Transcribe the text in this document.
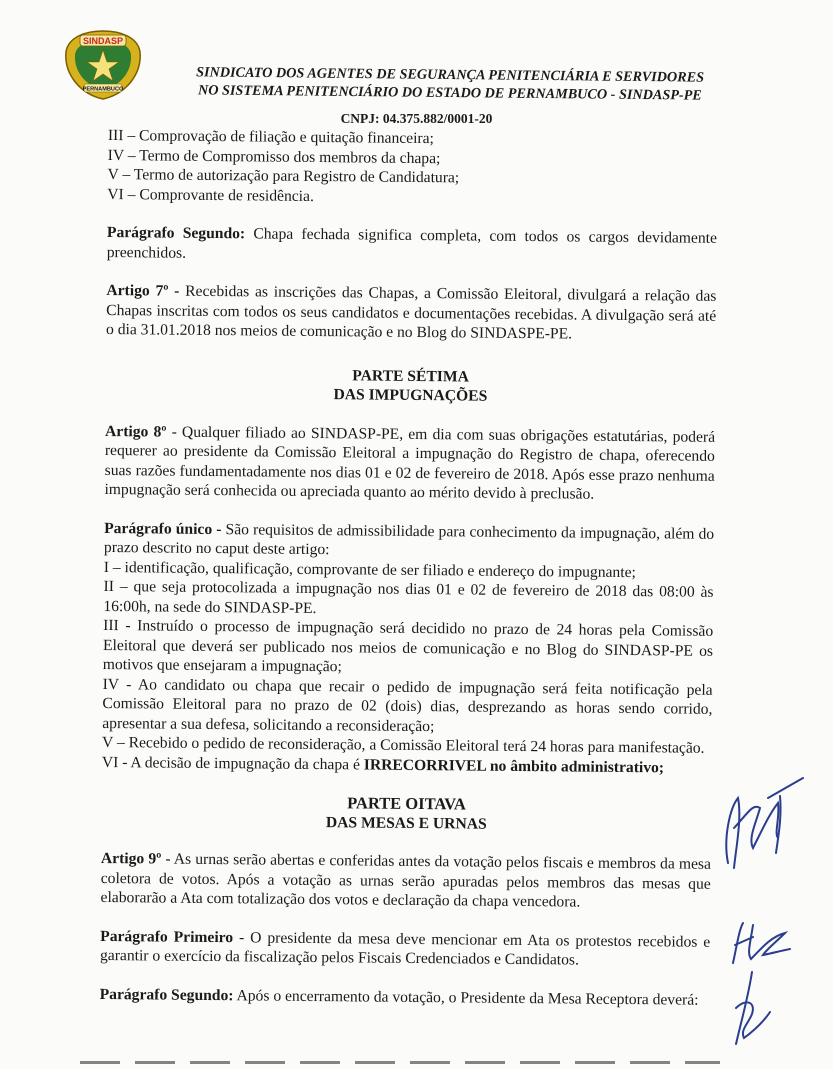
SINDASP
PERNAMBUCO
SINDICATO DOS AGENTES DE SEGURANÇA PENITENCIÁRIA E SERVIDORES
NO SISTEMA PENITENCIÁRIO DO ESTADO DE PERNAMBUCO - SINDASP-PE
CNPJ: 04.375.882/0001-20

III – Comprovação de filiação e quitação financeira;

IV – Termo de Compromisso dos membros da chapa;

V – Termo de autorização para Registro de Candidatura;

VI – Comprovante de residência.

Parágrafo Segundo: Chapa fechada significa completa, com todos os cargos devidamente preenchidos.

Artigo 7º - Recebidas as inscrições das Chapas, a Comissão Eleitoral, divulgará a relação das Chapas inscritas com todos os seus candidatos e documentações recebidas. A divulgação será até o dia 31.01.2018 nos meios de comunicação e no Blog do SINDASPE-PE.

PARTE SÉTIMA

DAS IMPUGNAÇÕES

Artigo 8º - Qualquer filiado ao SINDASP-PE, em dia com suas obrigações estatutárias, poderá requerer ao presidente da Comissão Eleitoral a impugnação do Registro de chapa, oferecendo suas razões fundamentadamente nos dias 01 e 02 de fevereiro de 2018. Após esse prazo nenhuma impugnação será conhecida ou apreciada quanto ao mérito devido à preclusão.

Parágrafo único - São requisitos de admissibilidade para conhecimento da impugnação, além do prazo descrito no caput deste artigo:

I – identificação, qualificação, comprovante de ser filiado e endereço do impugnante;

II – que seja protocolizada a impugnação nos dias 01 e 02 de fevereiro de 2018 das 08:00 às 16:00h, na sede do SINDASP-PE.

III - Instruído o processo de impugnação será decidido no prazo de 24 horas pela Comissão Eleitoral que deverá ser publicado nos meios de comunicação e no Blog do SINDASP-PE os motivos que ensejaram a impugnação;

IV - Ao candidato ou chapa que recair o pedido de impugnação será feita notificação pela Comissão Eleitoral para no prazo de 02 (dois) dias, desprezando as horas sendo corrido, apresentar a sua defesa, solicitando a reconsideração;

V – Recebido o pedido de reconsideração, a Comissão Eleitoral terá 24 horas para manifestação.

VI - A decisão de impugnação da chapa é IRRECORRIVEL no âmbito administrativo;

PARTE OITAVA

DAS MESAS E URNAS

Artigo 9º - As urnas serão abertas e conferidas antes da votação pelos fiscais e membros da mesa coletora de votos. Após a votação as urnas serão apuradas pelos membros das mesas que elaborarão a Ata com totalização dos votos e declaração da chapa vencedora.

Parágrafo Primeiro - O presidente da mesa deve mencionar em Ata os protestos recebidos e garantir o exercício da fiscalização pelos Fiscais Credenciados e Candidatos.

Parágrafo Segundo: Após o encerramento da votação, o Presidente da Mesa Receptora deverá:
